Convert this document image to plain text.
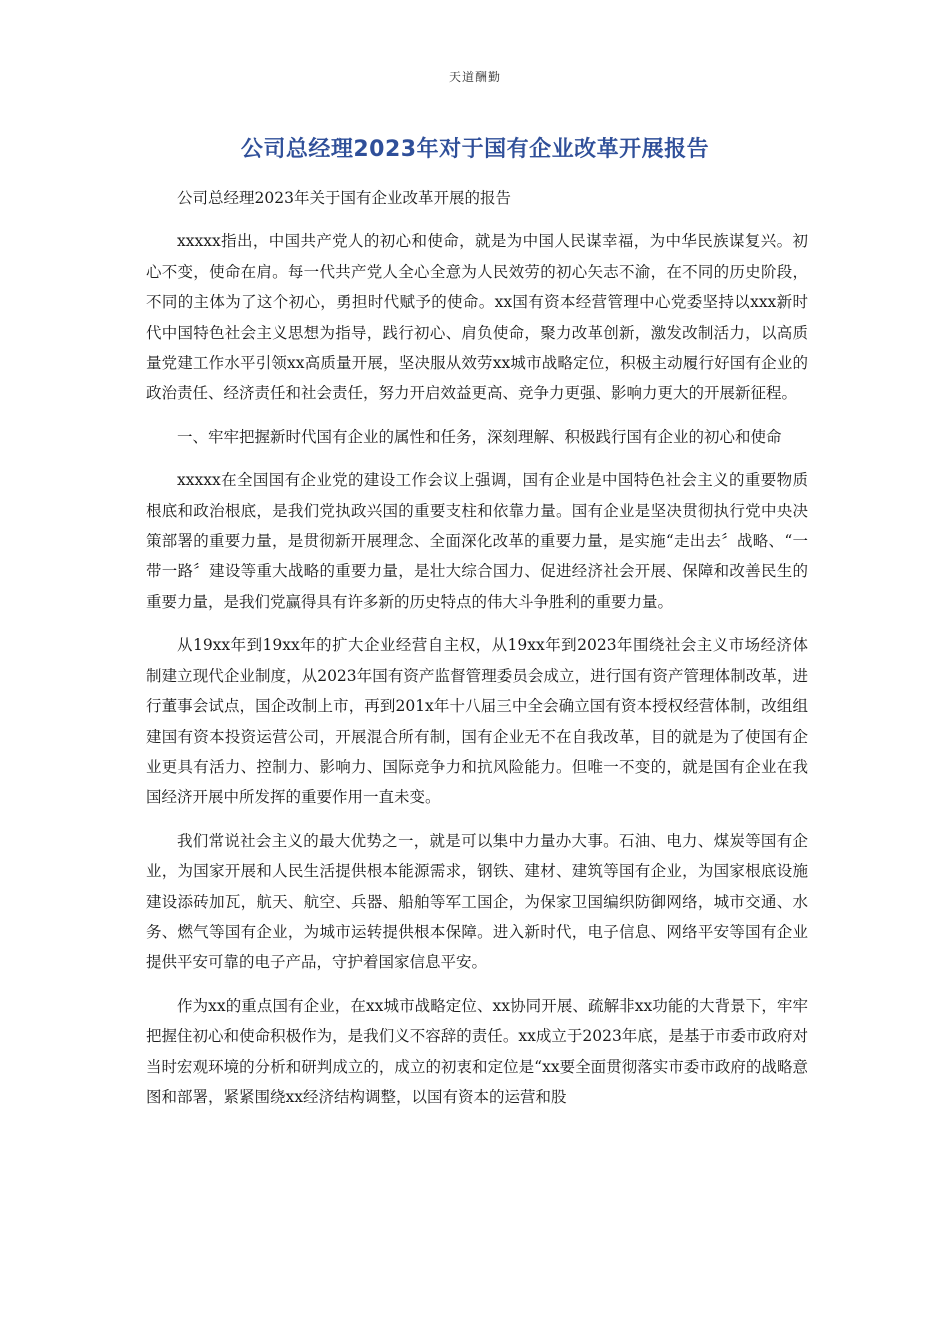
天道酬勤
公司总经理2023年对于国有企业改革开展报告

公司总经理2023年关于国有企业改革开展的报告

xxxxx指出，中国共产党人的初心和使命，就是为中国人民谋幸福，为中华民族谋复兴。初心不变，使命在肩。每一代共产党人全心全意为人民效劳的初心矢志不渝，在不同的历史阶段，不同的主体为了这个初心，勇担时代赋予的使命。xx国有资本经营管理中心党委坚持以xxx新时代中国特色社会主义思想为指导，践行初心、肩负使命，聚力改革创新，激发改制活力，以高质量党建工作水平引领xx高质量开展，坚决服从效劳xx城市战略定位，积极主动履行好国有企业的政治责任、经济责任和社会责任，努力开启效益更高、竞争力更强、影响力更大的开展新征程。

一、牢牢把握新时代国有企业的属性和任务，深刻理解、积极践行国有企业的初心和使命

xxxxx在全国国有企业党的建设工作会议上强调，国有企业是中国特色社会主义的重要物质根底和政治根底，是我们党执政兴国的重要支柱和依靠力量。国有企业是坚决贯彻执行党中央决策部署的重要力量，是贯彻新开展理念、全面深化改革的重要力量，是实施“走出去〞战略、“一带一路〞建设等重大战略的重要力量，是壮大综合国力、促进经济社会开展、保障和改善民生的重要力量，是我们党赢得具有许多新的历史特点的伟大斗争胜利的重要力量。

从19xx年到19xx年的扩大企业经营自主权，从19xx年到2023年围绕社会主义市场经济体制建立现代企业制度，从2023年国有资产监督管理委员会成立，进行国有资产管理体制改革，进行董事会试点，国企改制上市，再到201x年十八届三中全会确立国有资本授权经营体制，改组组建国有资本投资运营公司，开展混合所有制，国有企业无不在自我改革，目的就是为了使国有企业更具有活力、控制力、影响力、国际竞争力和抗风险能力。但唯一不变的，就是国有企业在我国经济开展中所发挥的重要作用一直未变。

我们常说社会主义的最大优势之一，就是可以集中力量办大事。石油、电力、煤炭等国有企业，为国家开展和人民生活提供根本能源需求，钢铁、建材、建筑等国有企业，为国家根底设施建设添砖加瓦，航天、航空、兵器、船舶等军工国企，为保家卫国编织防御网络，城市交通、水务、燃气等国有企业，为城市运转提供根本保障。进入新时代，电子信息、网络平安等国有企业提供平安可靠的电子产品，守护着国家信息平安。

作为xx的重点国有企业，在xx城市战略定位、xx协同开展、疏解非xx功能的大背景下，牢牢把握住初心和使命积极作为，是我们义不容辞的责任。xx成立于2023年底，是基于市委市政府对当时宏观环境的分析和研判成立的，成立的初衷和定位是“xx要全面贯彻落实市委市政府的战略意图和部署，紧紧围绕xx经济结构调整，以国有资本的运营和股
